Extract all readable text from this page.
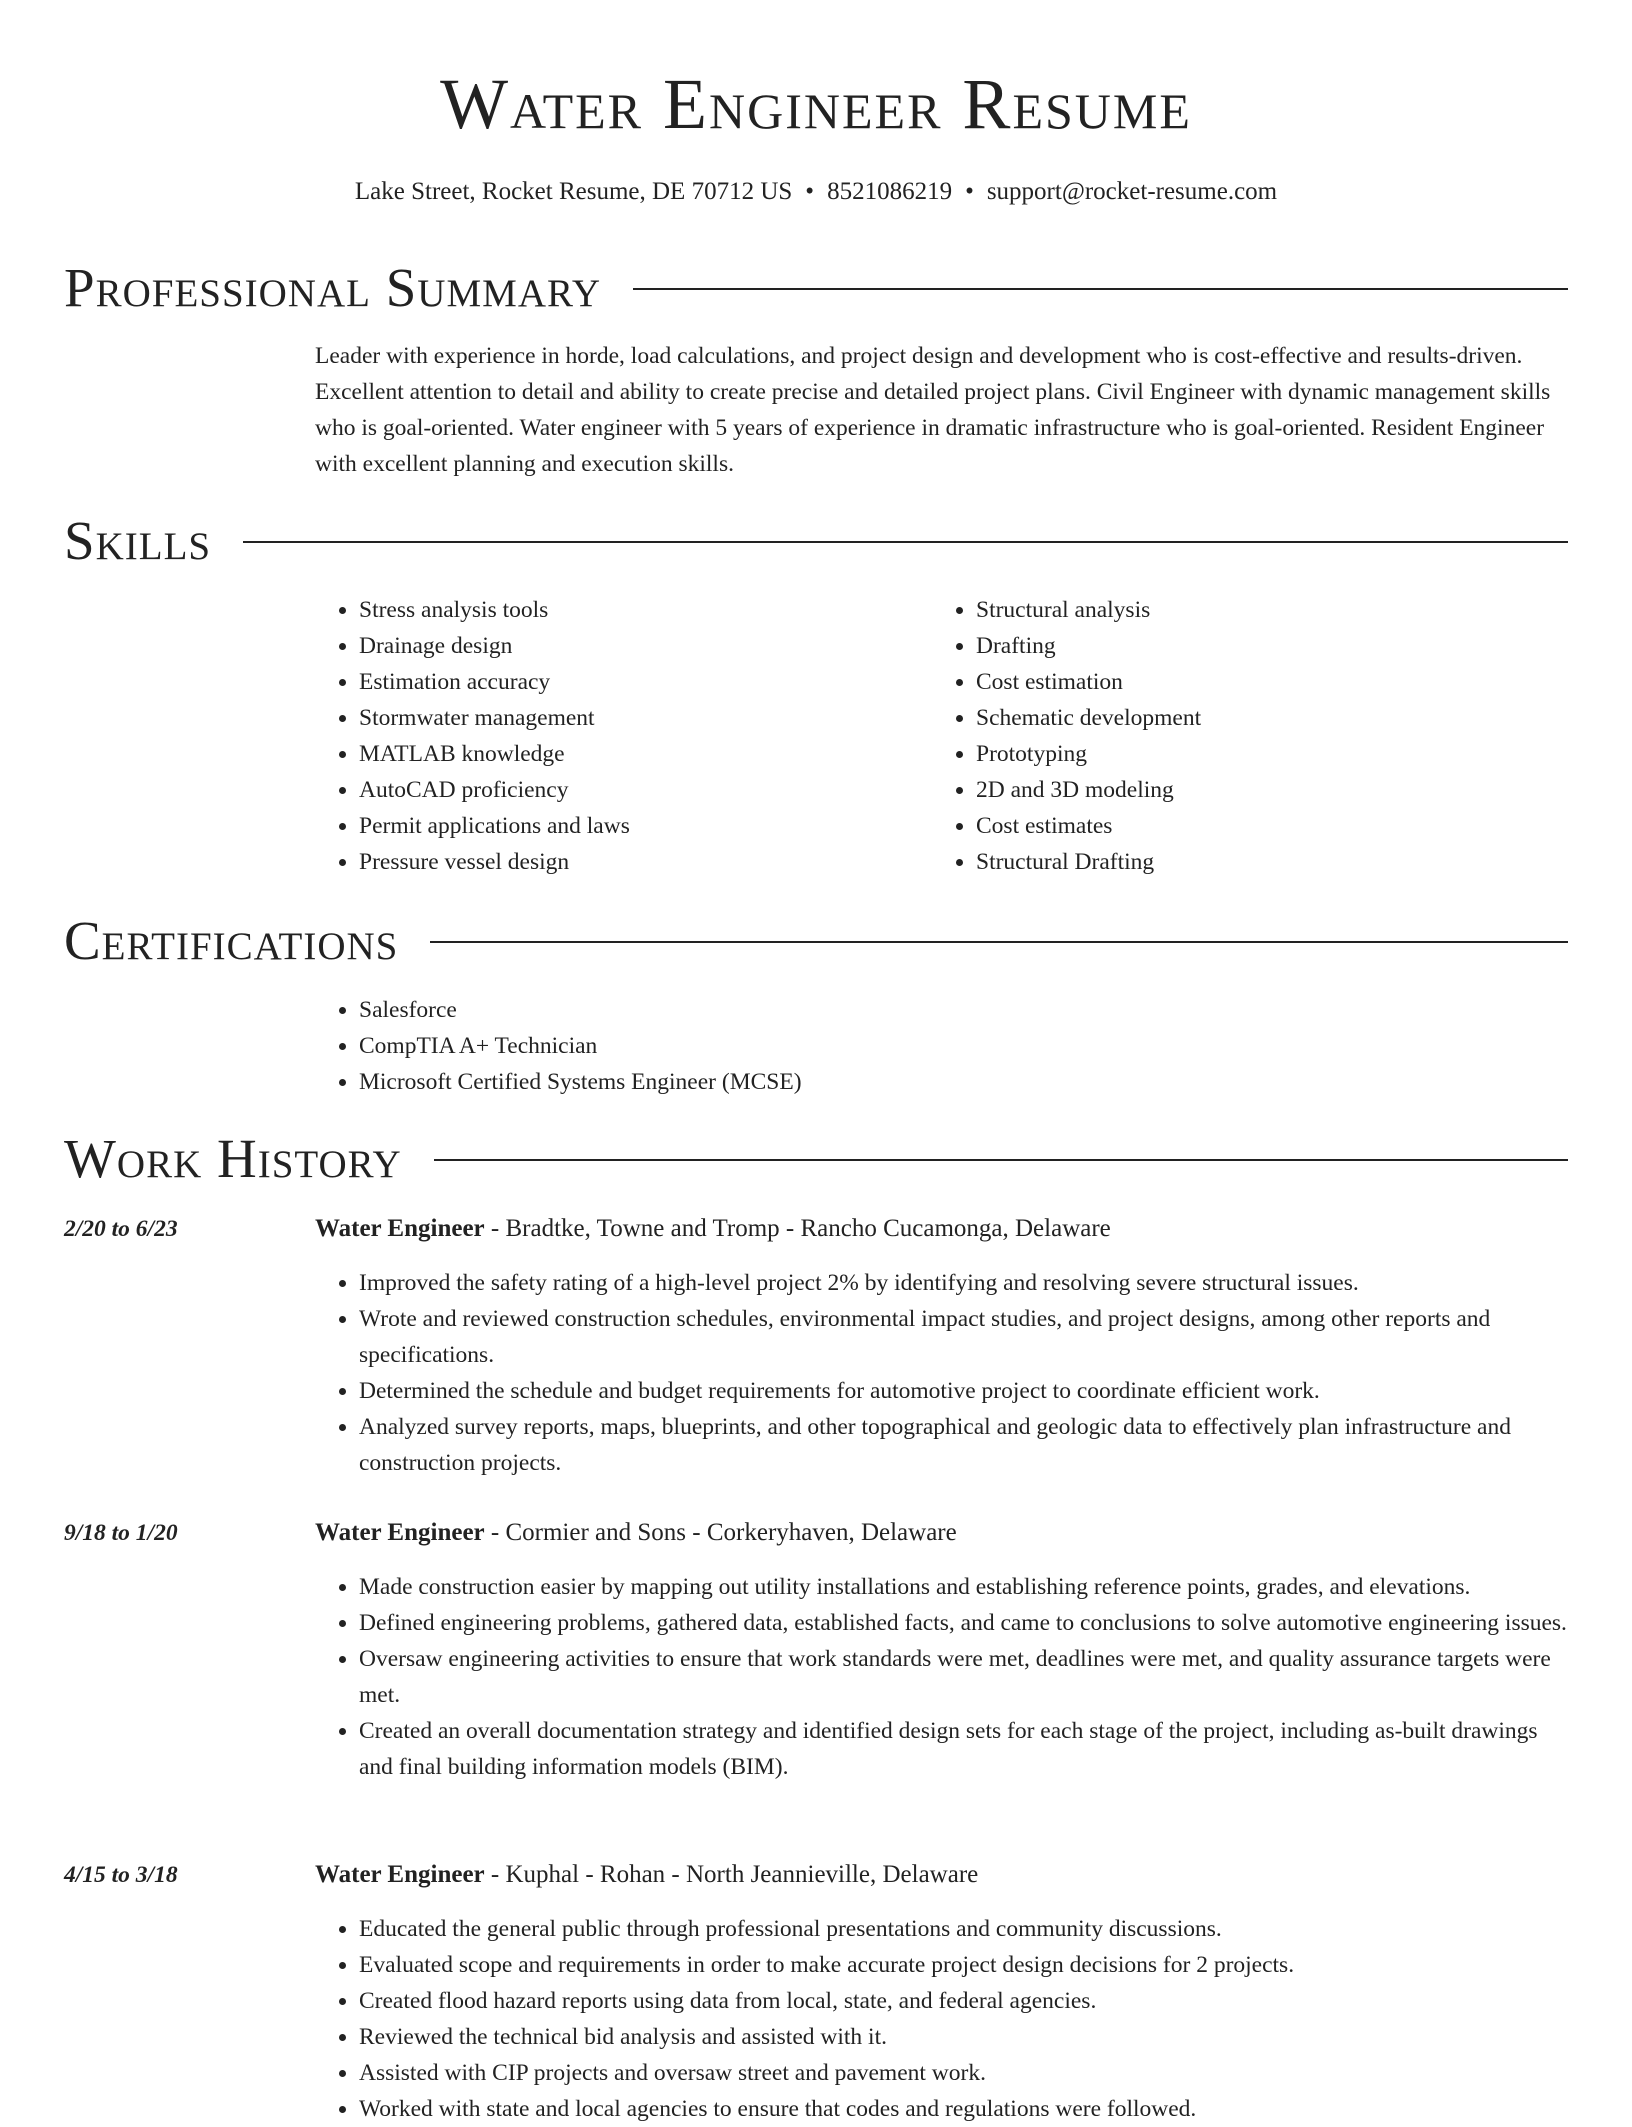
Water Engineer Resume
Lake Street, Rocket Resume, DE 70712 US • 8521086219 • support@rocket-resume.com
Professional Summary

Leader with experience in horde, load calculations, and project design and development who is cost-effective and results-driven. Excellent attention to detail and ability to create precise and detailed project plans. Civil Engineer with dynamic management skills who is goal-oriented. Water engineer with 5 years of experience in dramatic infrastructure who is goal-oriented. Resident Engineer with excellent planning and execution skills.

Skills
• Stress analysis tools
• Drainage design
• Estimation accuracy
• Stormwater management
• MATLAB knowledge
• AutoCAD proficiency
• Permit applications and laws
• Pressure vessel design
• Structural analysis
• Drafting
• Cost estimation
• Schematic development
• Prototyping
• 2D and 3D modeling
• Cost estimates
• Structural Drafting
Certifications
• Salesforce
• CompTIA A+ Technician
• Microsoft Certified Systems Engineer (MCSE)
Work History
2/20 to 6/23	Water Engineer - Bradtke, Towne and Tromp - Rancho Cucamonga, Delaware
• Improved the safety rating of a high-level project 2% by identifying and resolving severe structural issues.
• Wrote and reviewed construction schedules, environmental impact studies, and project designs, among other reports and specifications.
• Determined the schedule and budget requirements for automotive project to coordinate efficient work.
• Analyzed survey reports, maps, blueprints, and other topographical and geologic data to effectively plan infrastructure and construction projects.
9/18 to 1/20	Water Engineer - Cormier and Sons - Corkeryhaven, Delaware
• Made construction easier by mapping out utility installations and establishing reference points, grades, and elevations.
• Defined engineering problems, gathered data, established facts, and came to conclusions to solve automotive engineering issues.
• Oversaw engineering activities to ensure that work standards were met, deadlines were met, and quality assurance targets were met.
• Created an overall documentation strategy and identified design sets for each stage of the project, including as-built drawings and final building information models (BIM).
4/15 to 3/18	Water Engineer - Kuphal - Rohan - North Jeannieville, Delaware
• Educated the general public through professional presentations and community discussions.
• Evaluated scope and requirements in order to make accurate project design decisions for 2 projects.
• Created flood hazard reports using data from local, state, and federal agencies.
• Reviewed the technical bid analysis and assisted with it.
• Assisted with CIP projects and oversaw street and pavement work.
• Worked with state and local agencies to ensure that codes and regulations were followed.
